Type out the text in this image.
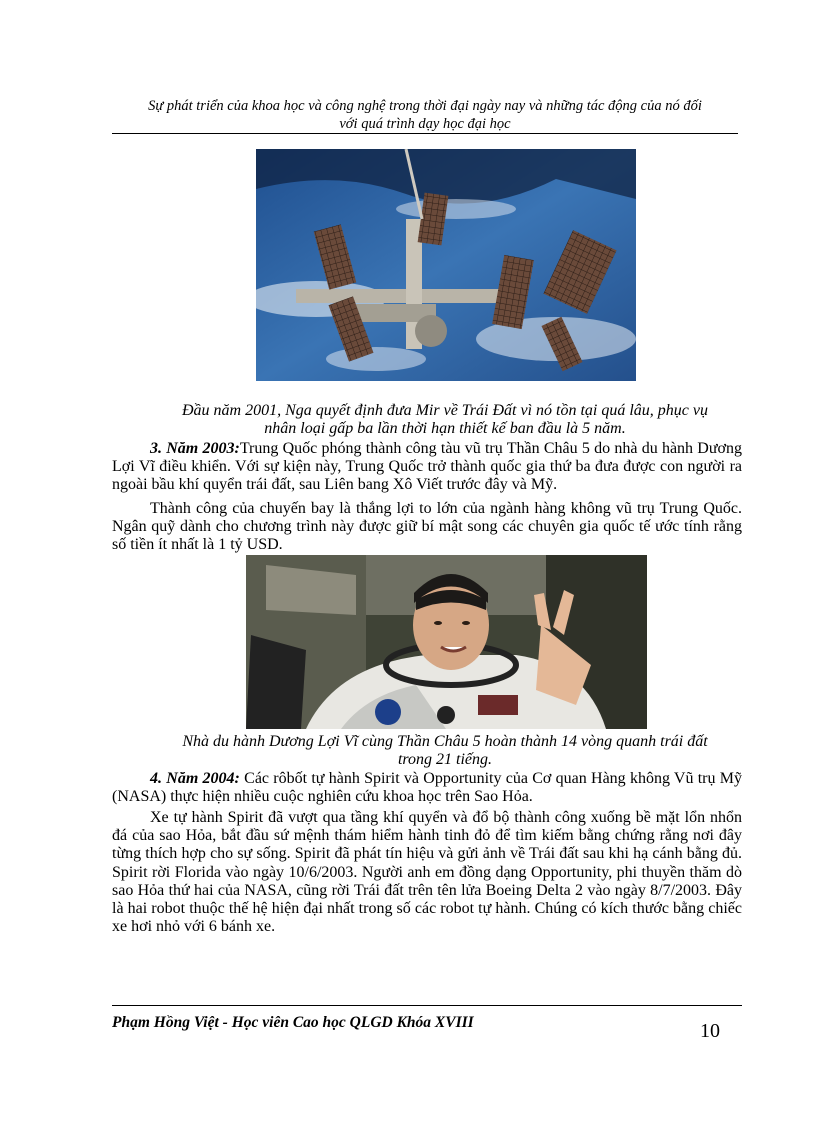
Sự phát triển của khoa học và công nghệ trong thời đại ngày nay và những tác động của nó đối
với quá trình dạy học đại học
Đầu năm 2001, Nga quyết định đưa Mir về Trái Đất vì nó tồn tại quá lâu, phục vụ
nhân loại gấp ba lần thời hạn thiết kế ban đầu là 5 năm.
3. Năm 2003:Trung Quốc phóng thành công tàu vũ trụ Thần Châu 5 do nhà du hành Dương Lợi Vĩ điều khiển. Với sự kiện này, Trung Quốc trở thành quốc gia thứ ba đưa được con người ra ngoài bầu khí quyển trái đất, sau Liên bang Xô Viết trước đây và Mỹ.
Thành công của chuyến bay là thắng lợi to lớn của ngành hàng không vũ trụ Trung Quốc. Ngân quỹ dành cho chương trình này được giữ bí mật song các chuyên gia quốc tế ước tính rằng số tiền ít nhất là 1 tỷ USD.
Nhà du hành Dương Lợi Vĩ cùng Thần Châu 5 hoàn thành 14 vòng quanh trái đất
trong 21 tiếng.
4. Năm 2004: Các rôbốt tự hành Spirit và Opportunity của Cơ quan Hàng không Vũ trụ Mỹ (NASA) thực hiện nhiều cuộc nghiên cứu khoa học trên Sao Hỏa.
Xe tự hành Spirit đã vượt qua tầng khí quyển và đổ bộ thành công xuống bề mặt lổn nhổn đá của sao Hỏa, bắt đầu sứ mệnh thám hiểm hành tinh đỏ để tìm kiếm bằng chứng rằng nơi đây từng thích hợp cho sự sống. Spirit đã phát tín hiệu và gửi ảnh về Trái đất sau khi hạ cánh bằng đủ. Spirit rời Florida vào ngày 10/6/2003. Người anh em đồng dạng Opportunity, phi thuyền thăm dò sao Hỏa thứ hai của NASA, cũng rời Trái đất trên tên lửa Boeing Delta 2 vào ngày 8/7/2003. Đây là hai robot thuộc thế hệ hiện đại nhất trong số các robot tự hành. Chúng có kích thước bằng chiếc xe hơi nhỏ với 6 bánh xe.
Phạm Hồng Việt - Học viên Cao học QLGD Khóa XVIII	10
